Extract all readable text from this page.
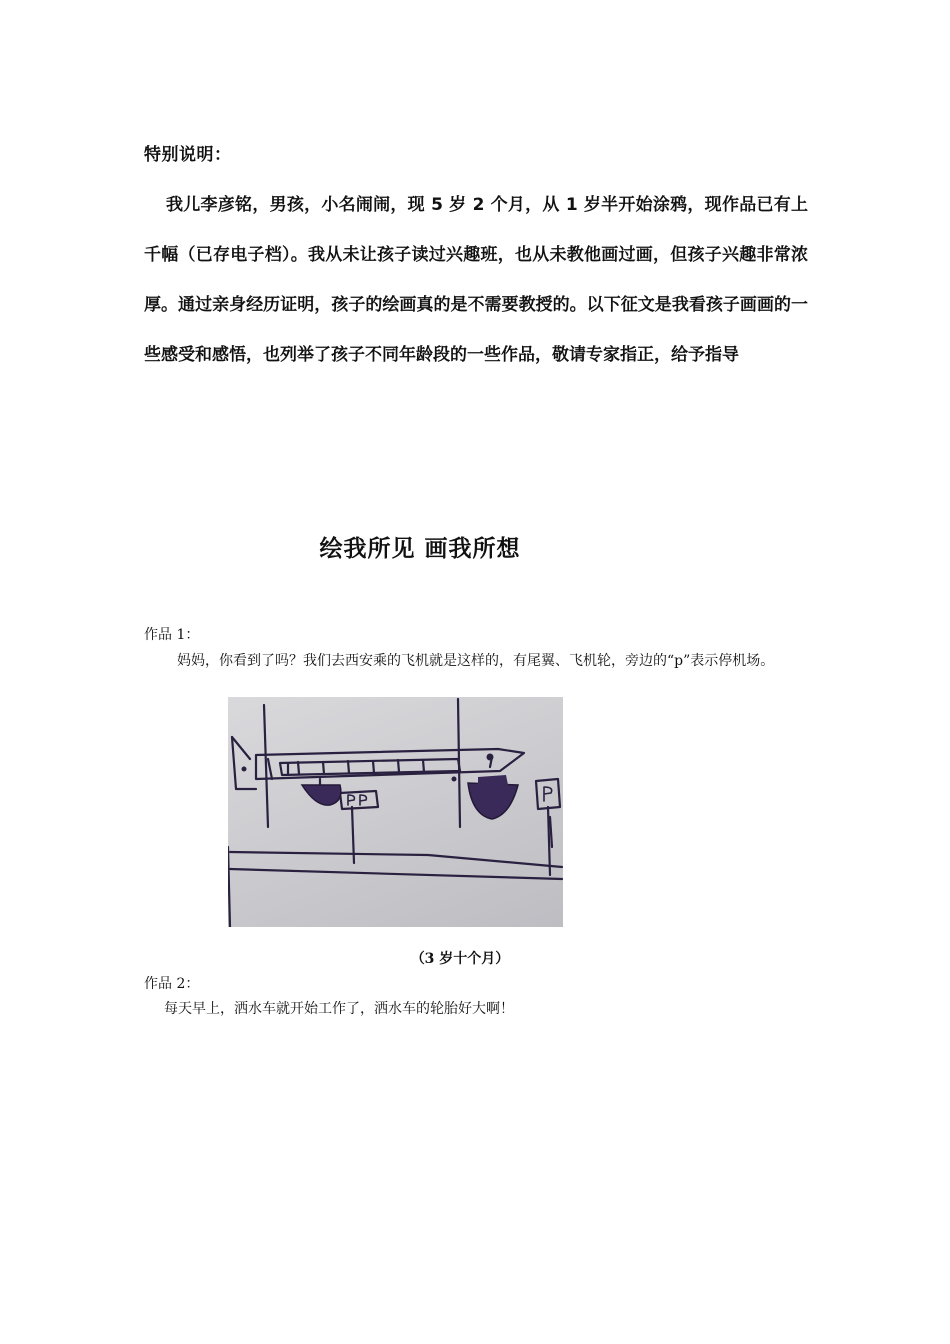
特别说明：

我儿李彦铭，男孩，小名闹闹，现 5 岁 2 个月，从 1 岁半开始涂鸦，现作品已有上千幅（已存电子档）。我从未让孩子读过兴趣班，也从未教他画过画，但孩子兴趣非常浓厚。通过亲身经历证明，孩子的绘画真的是不需要教授的。以下征文是我看孩子画画的一些感受和感悟，也列举了孩子不同年龄段的一些作品，敬请专家指正，给予指导

绘我所见 画我所想
作品 1：

妈妈，你看到了吗？我们去西安乘的飞机就是这样的，有尾翼、飞机轮，旁边的“p”表示停机场。

（3 岁十个月）
作品 2：

每天早上，洒水车就开始工作了，洒水车的轮胎好大啊！
